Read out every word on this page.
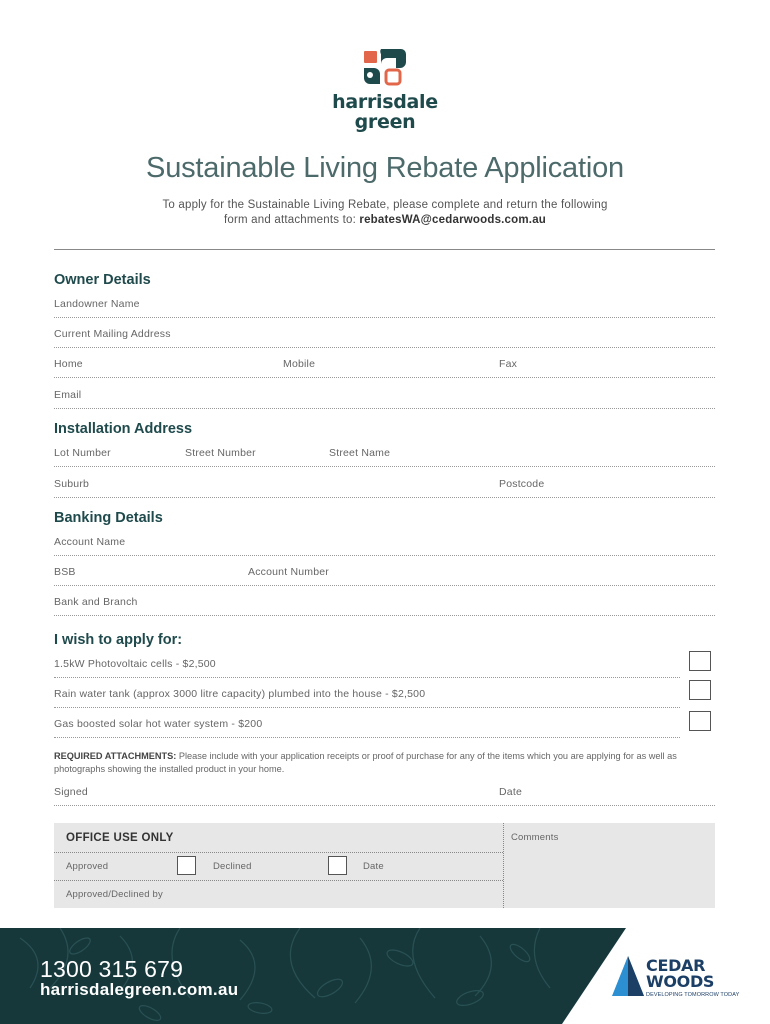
harrisdale
green
Sustainable Living Rebate Application
To apply for the Sustainable Living Rebate, please complete and return the following
form and attachments to: rebatesWA@cedarwoods.com.au
Owner Details
Landowner Name
Current Mailing Address
Home	Mobile	Fax
Email
Installation Address
Lot Number	Street Number	Street Name
Suburb	Postcode
Banking Details
Account Name
BSB	Account Number
Bank and Branch
I wish to apply for:
1.5kW Photovoltaic cells - $2,500
Rain water tank (approx 3000 litre capacity) plumbed into the house - $2,500
Gas boosted solar hot water system - $200
REQUIRED ATTACHMENTS: Please include with your application receipts or proof of purchase for any of the items which you are applying for as well as photographs showing the installed product in your home.
Signed	Date
OFFICE USE ONLY	Comments
Approved	Declined	Date
Approved/Declined by
1300 315 679
harrisdalegreen.com.au
CEDAR
WOODS
DEVELOPING TOMORROW TODAY
